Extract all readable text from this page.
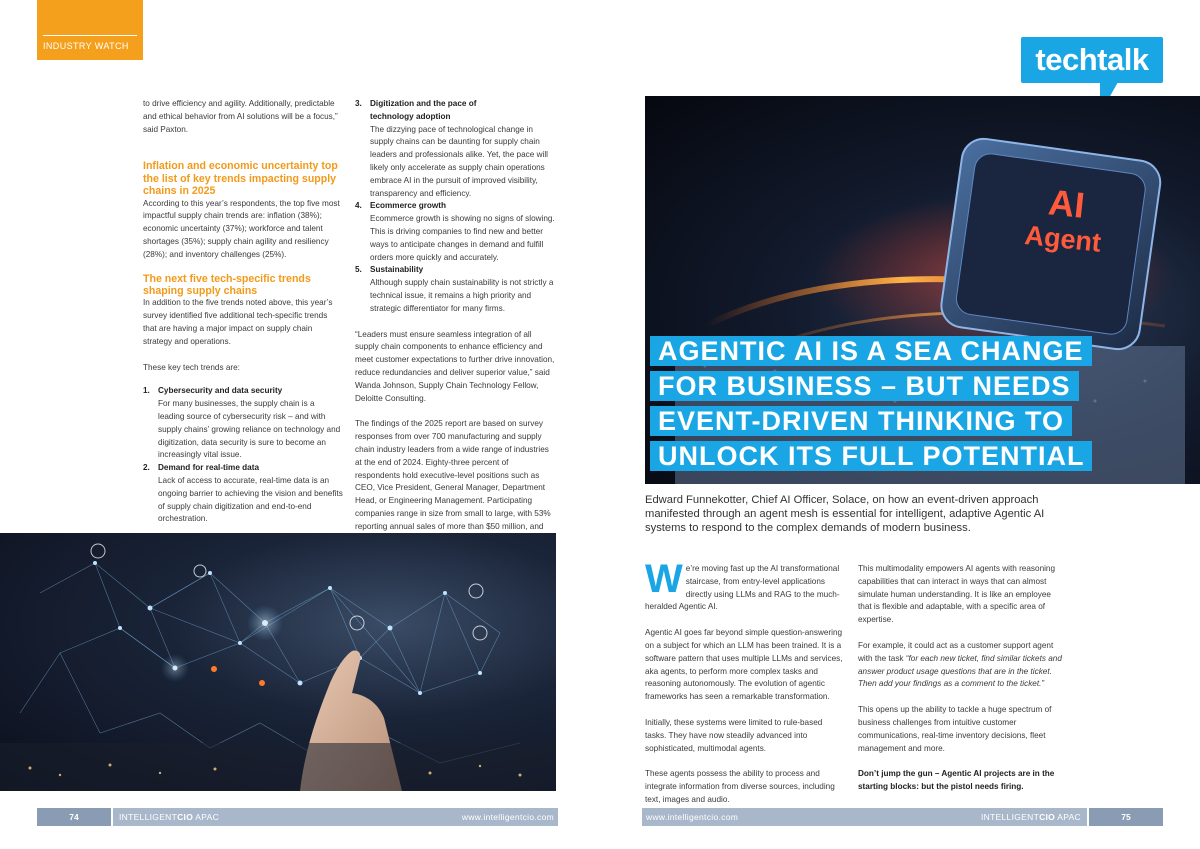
INDUSTRY WATCH	techtalk

to drive efficiency and agility. Additionally, predictable and ethical behavior from AI solutions will be a focus,” said Paxton.

Inflation and economic uncertainty top the list of key trends impacting supply chains in 2025

According to this year’s respondents, the top five most impactful supply chain trends are: inflation (38%); economic uncertainty (37%); workforce and talent shortages (35%); supply chain agility and resiliency (28%); and inventory challenges (25%).

The next five tech-specific trends shaping supply chains

In addition to the five trends noted above, this year’s survey identified five additional tech-specific trends that are having a major impact on supply chain strategy and operations.

These key tech trends are:

1. Cybersecurity and data security
For many businesses, the supply chain is a leading source of cybersecurity risk – and with supply chains’ growing reliance on technology and digitization, data security is sure to become an increasingly vital issue.
2. Demand for real-time data
Lack of access to accurate, real-time data is an ongoing barrier to achieving the vision and benefits of supply chain digitization and end-to-end orchestration.
3. Digitization and the pace of technology adoption
The dizzying pace of technological change in supply chains can be daunting for supply chain leaders and professionals alike. Yet, the pace will likely only accelerate as supply chain operations embrace AI in the pursuit of improved visibility, transparency and efficiency.
4. Ecommerce growth
Ecommerce growth is showing no signs of slowing. This is driving companies to find new and better ways to anticipate changes in demand and fulfill orders more quickly and accurately.
5. Sustainability
Although supply chain sustainability is not strictly a technical issue, it remains a high priority and strategic differentiator for many firms.

“Leaders must ensure seamless integration of all supply chain components to enhance efficiency and meet customer expectations to further drive innovation, reduce redundancies and deliver superior value,” said Wanda Johnson, Supply Chain Technology Fellow, Deloitte Consulting.

The findings of the 2025 report are based on survey responses from over 700 manufacturing and supply chain industry leaders from a wide range of industries at the end of 2024. Eighty-three percent of respondents hold executive-level positions such as CEO, Vice President, General Manager, Department Head, or Engineering Management. Participating companies range in size from small to large, with 53% reporting annual sales of more than $50 million, and

AI
Agent
AGENTIC AI IS A SEA CHANGE
FOR BUSINESS – BUT NEEDS
EVENT-DRIVEN THINKING TO
UNLOCK ITS FULL POTENTIAL

Edward Funnekotter, Chief AI Officer, Solace, on how an event-driven approach manifested through an agent mesh is essential for intelligent, adaptive Agentic AI systems to respond to the complex demands of modern business.

We’re moving fast up the AI transformational staircase, from entry-level applications directly using LLMs and RAG to the much-heralded Agentic AI.

Agentic AI goes far beyond simple question-answering on a subject for which an LLM has been trained. It is a software pattern that uses multiple LLMs and services, aka agents, to perform more complex tasks and reasoning autonomously. The evolution of agentic frameworks has seen a remarkable transformation.

Initially, these systems were limited to rule-based tasks. They have now steadily advanced into sophisticated, multimodal agents.

These agents possess the ability to process and integrate information from diverse sources, including text, images and audio.

This multimodality empowers AI agents with reasoning capabilities that can interact in ways that can almost simulate human understanding. It is like an employee that is flexible and adaptable, with a specific area of expertise.

For example, it could act as a customer support agent with the task “for each new ticket, find similar tickets and answer product usage questions that are in the ticket. Then add your findings as a comment to the ticket.”

This opens up the ability to tackle a huge spectrum of business challenges from intuitive customer communications, real-time inventory decisions, fleet management and more.

Don’t jump the gun – Agentic AI projects are in the starting blocks: but the pistol needs firing.

74	INTELLIGENTCIO APAC	www.intelligentcio.com	www.intelligentcio.com	INTELLIGENTCIO APAC	75
